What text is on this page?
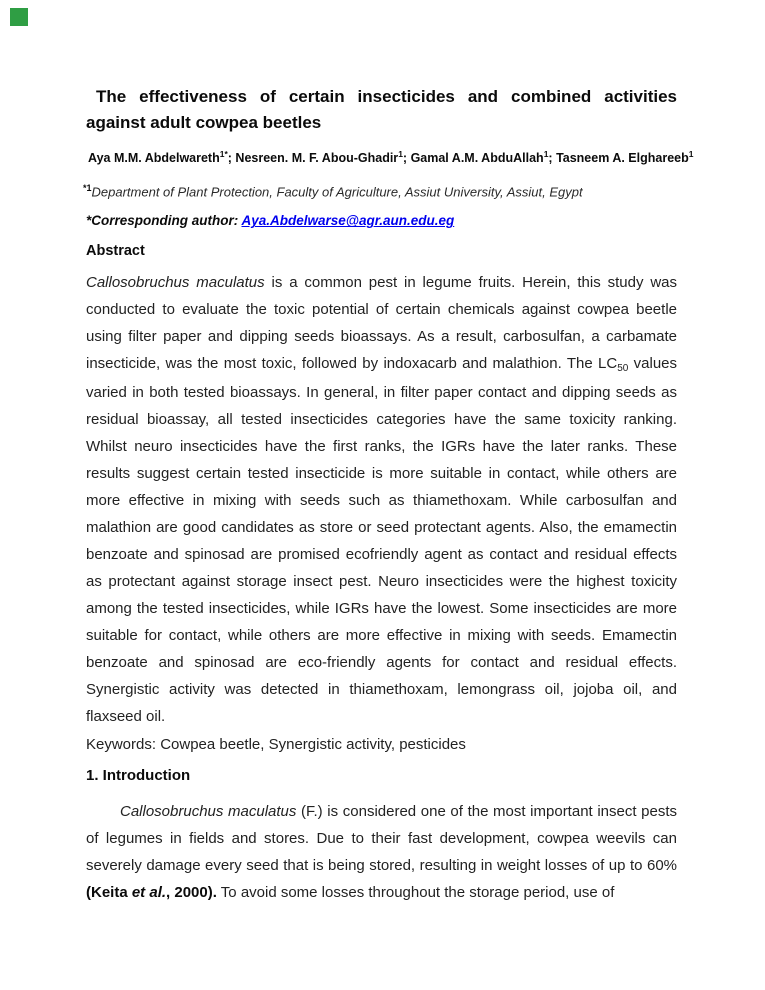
The effectiveness of certain insecticides and combined activities against adult cowpea beetles

Aya M.M. Abdelwareth$^{1*}$; Nesreen. M. F. Abou-Ghadir$^1$; Gamal A.M. AbduAllah$^1$; Tasneem A. Elghareeb$^1$

$^{*1}$Department of Plant Protection, Faculty of Agriculture, Assiut University, Assiut, Egypt

*Corresponding author: Aya.Abdelwarse@agr.aun.edu.eg

Abstract

Callosobruchus maculatus is a common pest in legume fruits. Herein, this study was conducted to evaluate the toxic potential of certain chemicals against cowpea beetle using filter paper and dipping seeds bioassays. As a result, carbosulfan, a carbamate insecticide, was the most toxic, followed by indoxacarb and malathion. The $LC_{50}$ values varied in both tested bioassays. In general, in filter paper contact and dipping seeds as residual bioassay, all tested insecticides categories have the same toxicity ranking. Whilst neuro insecticides have the first ranks, the IGRs have the later ranks. These results suggest certain tested insecticide is more suitable in contact, while others are more effective in mixing with seeds such as thiamethoxam. While carbosulfan and malathion are good candidates as store or seed protectant agents. Also, the emamectin benzoate and spinosad are promised ecofriendly agent as contact and residual effects as protectant against storage insect pest. Neuro insecticides were the highest toxicity among the tested insecticides, while IGRs have the lowest. Some insecticides are more suitable for contact, while others are more effective in mixing with seeds. Emamectin benzoate and spinosad are eco-friendly agents for contact and residual effects. Synergistic activity was detected in thiamethoxam, lemongrass oil, jojoba oil, and flaxseed oil.

Keywords: Cowpea beetle, Synergistic activity, pesticides

1. Introduction

Callosobruchus maculatus (F.) is considered one of the most important insect pests of legumes in fields and stores. Due to their fast development, cowpea weevils can severely damage every seed that is being stored, resulting in weight losses of up to 60% (Keita et al., 2000). To avoid some losses throughout the storage period, use of
